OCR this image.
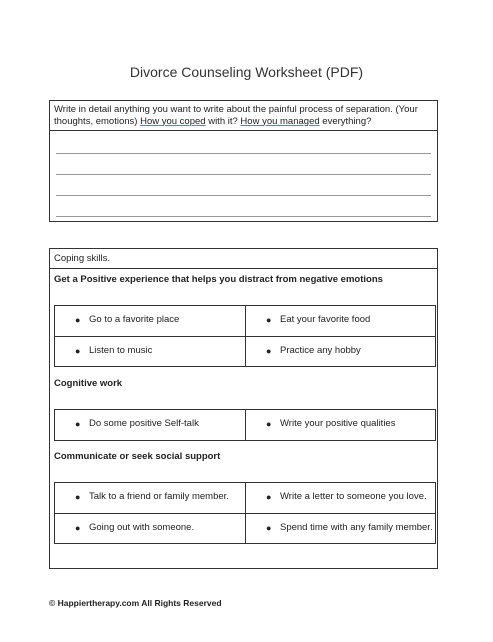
Divorce Counseling Worksheet (PDF)
Write in detail anything you want to write about the painful process of separation. (Your thoughts, emotions) How you coped with it? How you managed everything?
Coping skills.
Get a Positive experience that helps you distract from negative emotions
● Go to a favorite place	● Eat your favorite food
● Listen to music	● Practice any hobby
Cognitive work
● Do some positive Self-talk	● Write your positive qualities
Communicate or seek social support
● Talk to a friend or family member.	● Write a letter to someone you love.
● Going out with someone.	● Spend time with any family member.
© Happiertherapy.com All Rights Reserved
